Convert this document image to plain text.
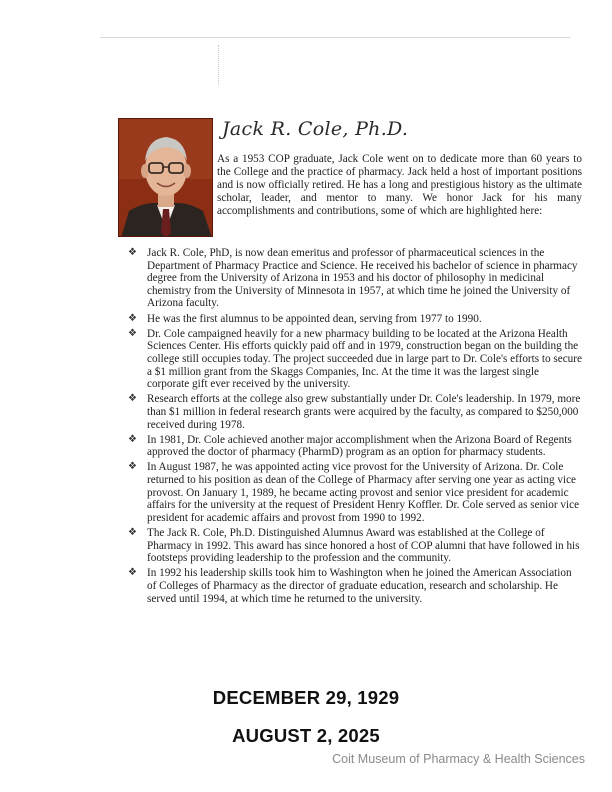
Jack R. Cole, Ph.D.

As a 1953 COP graduate, Jack Cole went on to dedicate more than 60 years to the College and the practice of pharmacy. Jack held a host of important positions and is now officially retired. He has a long and prestigious history as the ultimate scholar, leader, and mentor to many. We honor Jack for his many accomplishments and contributions, some of which are highlighted here:

❖ Jack R. Cole, PhD, is now dean emeritus and professor of pharmaceutical sciences in the Department of Pharmacy Practice and Science. He received his bachelor of science in pharmacy degree from the University of Arizona in 1953 and his doctor of philosophy in medicinal chemistry from the University of Minnesota in 1957, at which time he joined the University of Arizona faculty.
❖ He was the first alumnus to be appointed dean, serving from 1977 to 1990.
❖ Dr. Cole campaigned heavily for a new pharmacy building to be located at the Arizona Health Sciences Center. His efforts quickly paid off and in 1979, construction began on the building the college still occupies today. The project succeeded due in large part to Dr. Cole's efforts to secure a $1 million grant from the Skaggs Companies, Inc. At the time it was the largest single corporate gift ever received by the university.
❖ Research efforts at the college also grew substantially under Dr. Cole's leadership. In 1979, more than $1 million in federal research grants were acquired by the faculty, as compared to $250,000 received during 1978.
❖ In 1981, Dr. Cole achieved another major accomplishment when the Arizona Board of Regents approved the doctor of pharmacy (PharmD) program as an option for pharmacy students.
❖ In August 1987, he was appointed acting vice provost for the University of Arizona. Dr. Cole returned to his position as dean of the College of Pharmacy after serving one year as acting vice provost. On January 1, 1989, he became acting provost and senior vice president for academic affairs for the university at the request of President Henry Koffler. Dr. Cole served as senior vice president for academic affairs and provost from 1990 to 1992.
❖ The Jack R. Cole, Ph.D. Distinguished Alumnus Award was established at the College of Pharmacy in 1992. This award has since honored a host of COP alumni that have followed in his footsteps providing leadership to the profession and the community.
❖ In 1992 his leadership skills took him to Washington when he joined the American Association of Colleges of Pharmacy as the director of graduate education, research and scholarship. He served until 1994, at which time he returned to the university.
DECEMBER 29, 1929
AUGUST 2, 2025
Coit Museum of Pharmacy & Health Sciences
